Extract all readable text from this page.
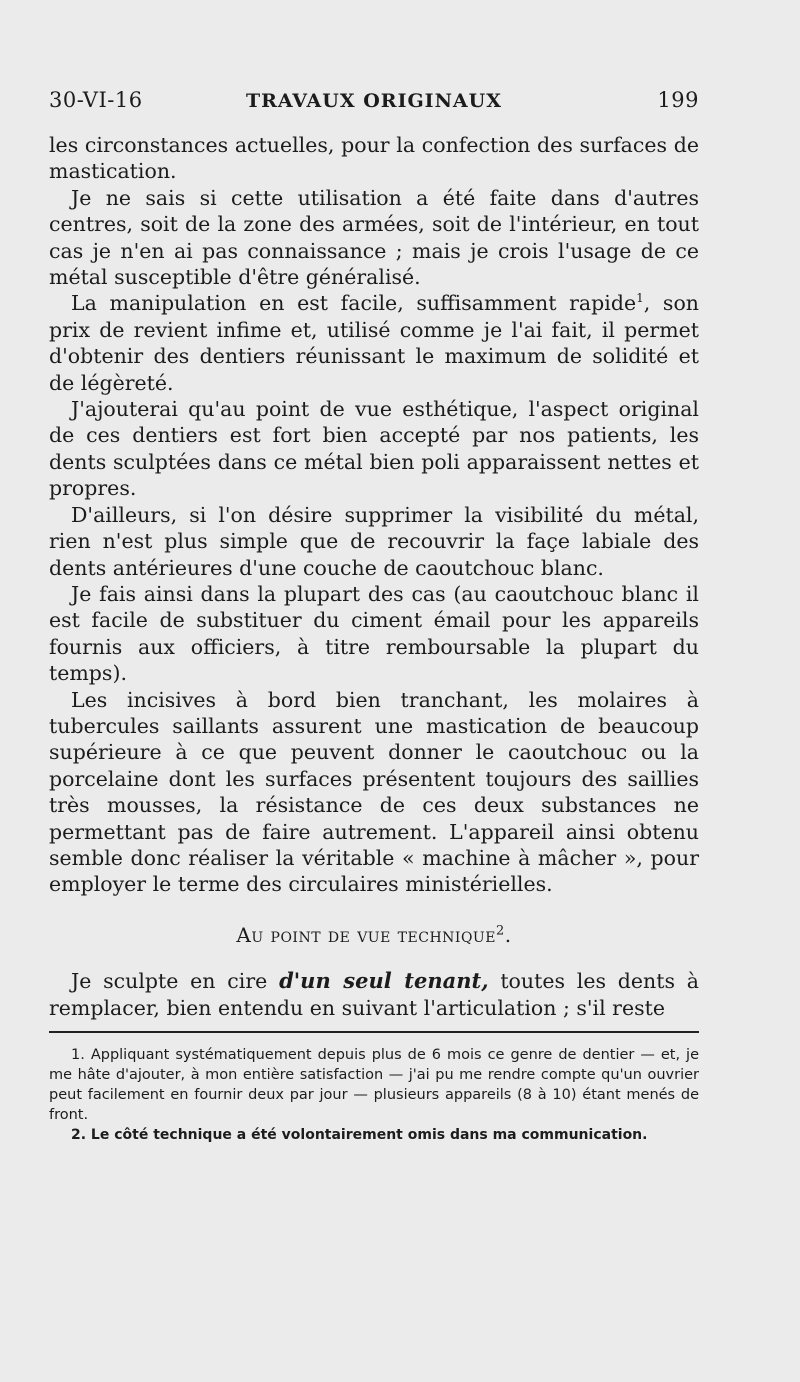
30-VI-16	TRAVAUX ORIGINAUX	199

les circonstances actuelles, pour la confection des surfaces de mastication.

Je ne sais si cette utilisation a été faite dans d'autres centres, soit de la zone des armées, soit de l'intérieur, en tout cas je n'en ai pas connaissance ; mais je crois l'usage de ce métal susceptible d'être généralisé.

La manipulation en est facile, suffisamment rapide$^1$, son prix de revient infime et, utilisé comme je l'ai fait, il permet d'obtenir des dentiers réunissant le maximum de solidité et de légèreté.

J'ajouterai qu'au point de vue esthétique, l'aspect original de ces dentiers est fort bien accepté par nos patients, les dents sculptées dans ce métal bien poli apparaissent nettes et propres.

D'ailleurs, si l'on désire supprimer la visibilité du métal, rien n'est plus simple que de recouvrir la façe labiale des dents antérieures d'une couche de caoutchouc blanc.

Je fais ainsi dans la plupart des cas (au caoutchouc blanc il est facile de substituer du ciment émail pour les appareils fournis aux officiers, à titre remboursable la plupart du temps).

Les incisives à bord bien tranchant, les molaires à tubercules saillants assurent une mastication de beaucoup supérieure à ce que peuvent donner le caoutchouc ou la porcelaine dont les surfaces présentent toujours des saillies très mousses, la résistance de ces deux substances ne permettant pas de faire autrement. L'appareil ainsi obtenu semble donc réaliser la véritable « machine à mâcher », pour employer le terme des circulaires ministérielles.

Au point de vue technique$^2$.

Je sculpte en cire d'un seul tenant, toutes les dents à remplacer, bien entendu en suivant l'articulation ; s'il reste

1. Appliquant systématiquement depuis plus de 6 mois ce genre de dentier — et, je me hâte d'ajouter, à mon entière satisfaction — j'ai pu me rendre compte qu'un ouvrier peut facilement en fournir deux par jour — plusieurs appareils (8 à 10) étant menés de front.

2. Le côté technique a été volontairement omis dans ma communication.
